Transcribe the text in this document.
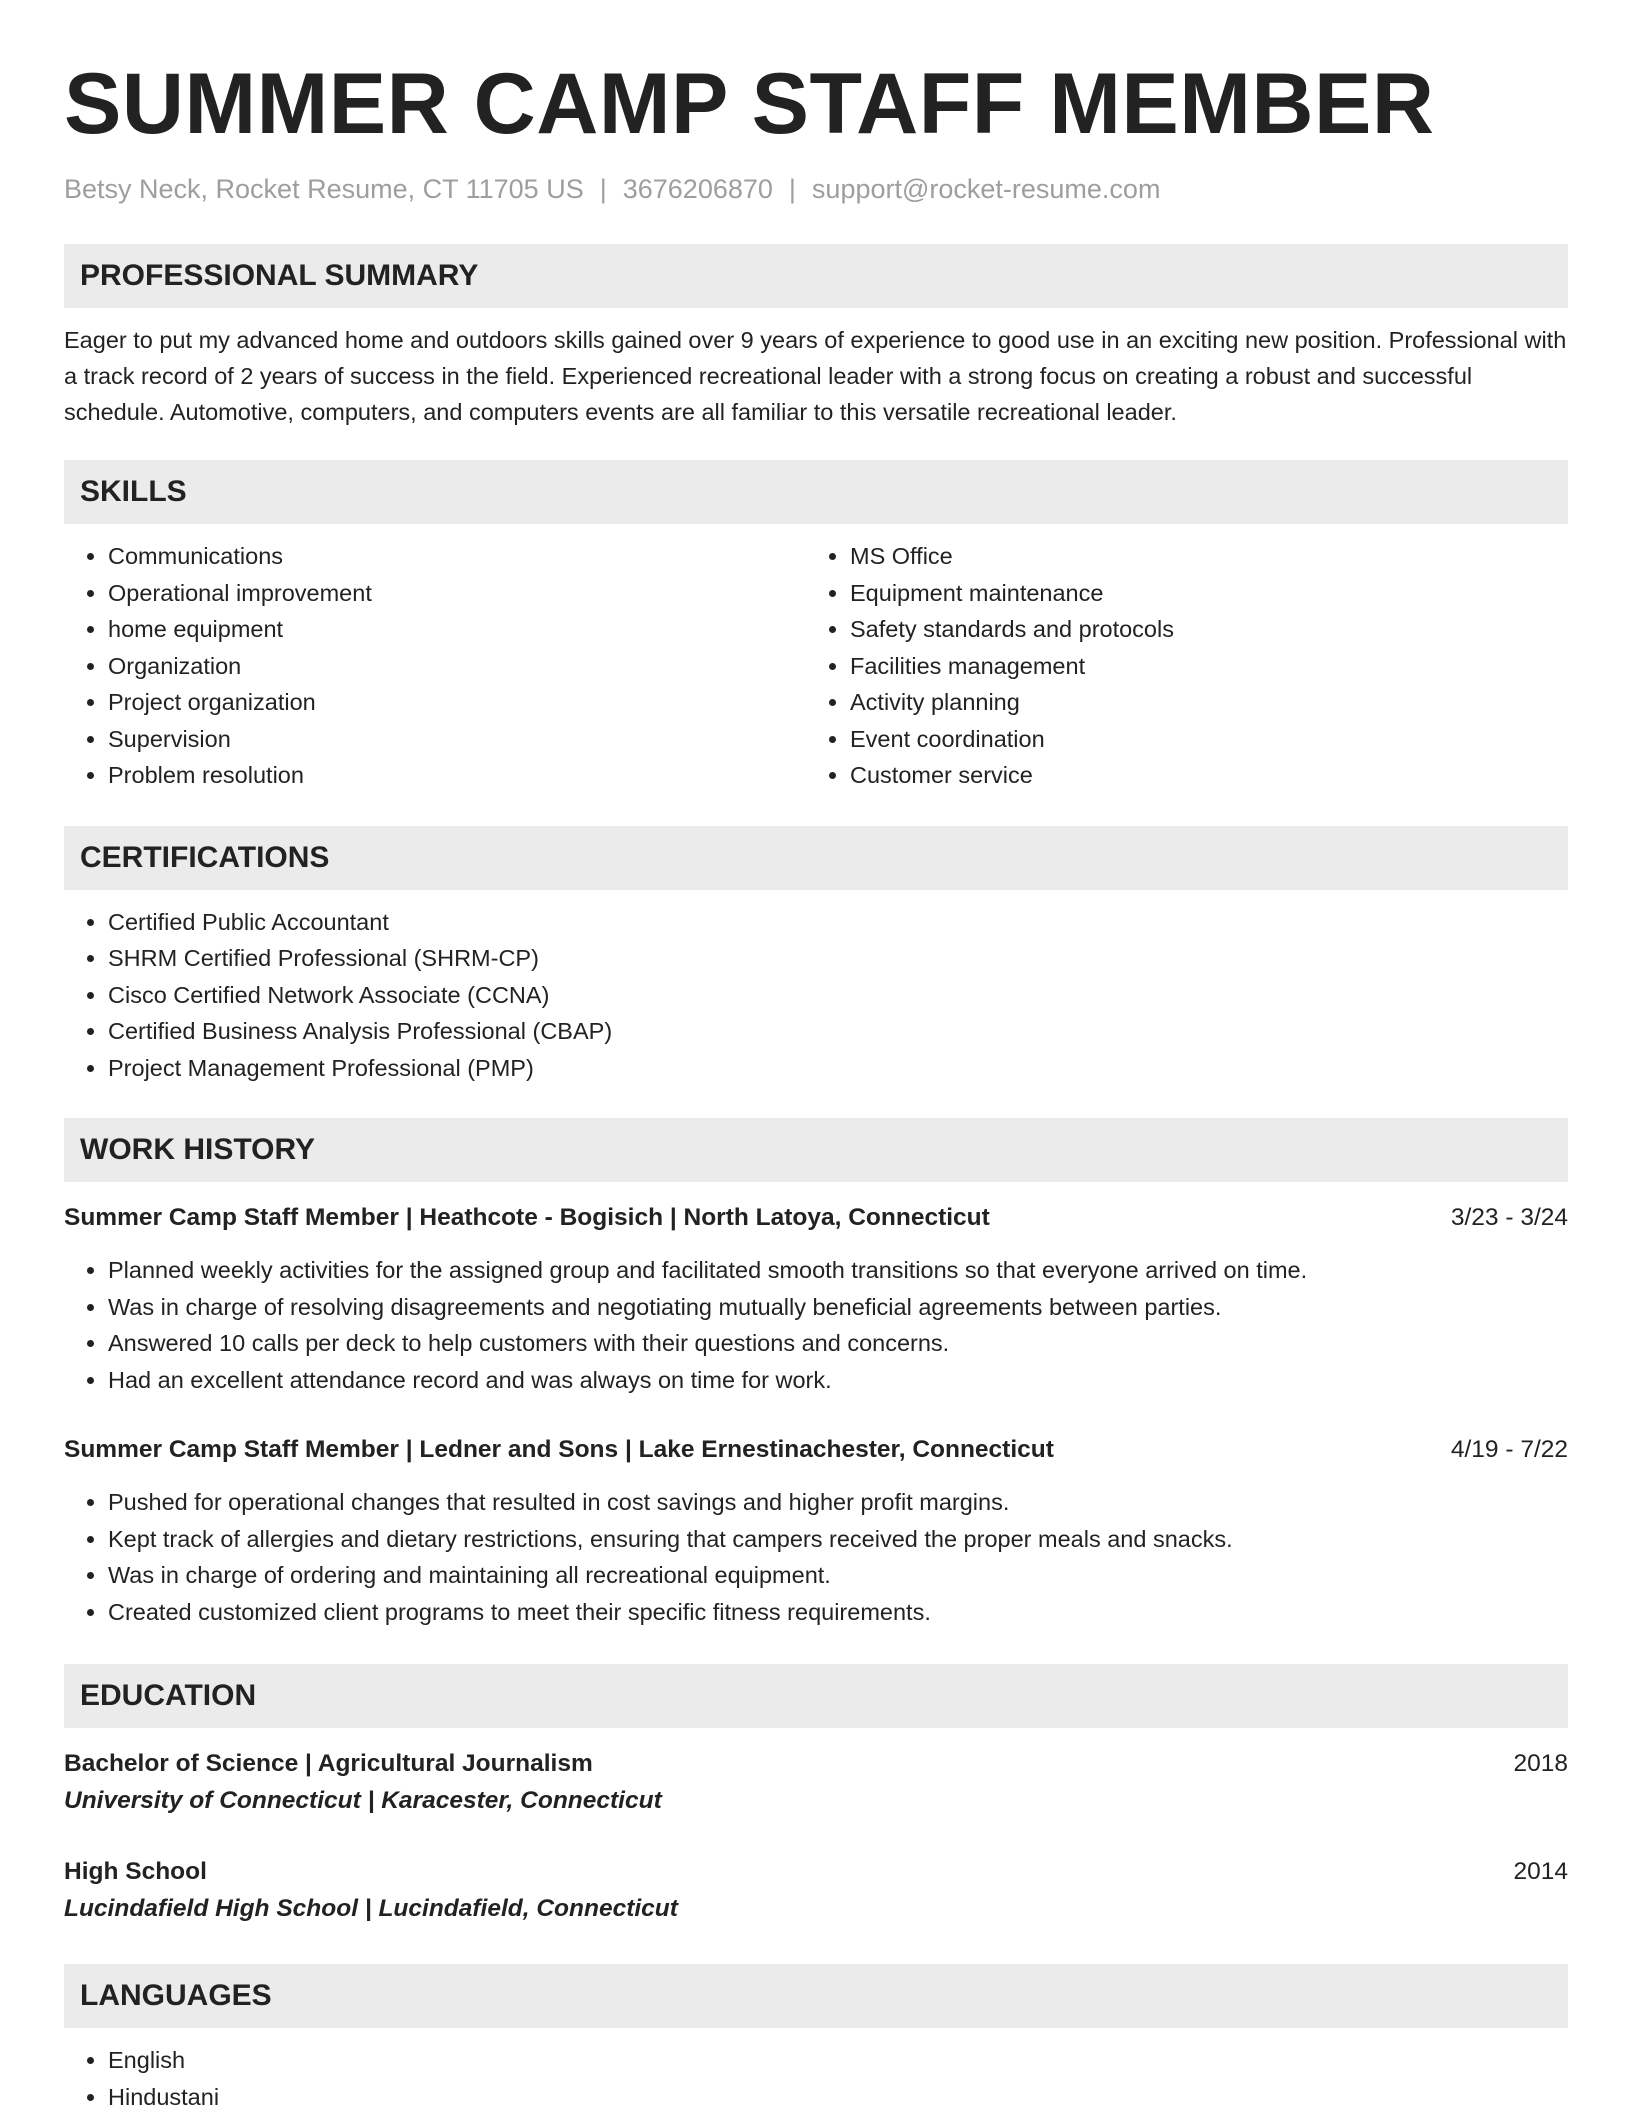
SUMMER CAMP STAFF MEMBER
Betsy Neck, Rocket Resume, CT 11705 US | 3676206870 | support@rocket-resume.com
PROFESSIONAL SUMMARY
Eager to put my advanced home and outdoors skills gained over 9 years of experience to good use in an exciting new position. Professional with a track record of 2 years of success in the field. Experienced recreational leader with a strong focus on creating a robust and successful schedule. Automotive, computers, and computers events are all familiar to this versatile recreational leader.
SKILLS
• Communications
• Operational improvement
• home equipment
• Organization
• Project organization
• Supervision
• Problem resolution
• MS Office
• Equipment maintenance
• Safety standards and protocols
• Facilities management
• Activity planning
• Event coordination
• Customer service
CERTIFICATIONS
• Certified Public Accountant
• SHRM Certified Professional (SHRM-CP)
• Cisco Certified Network Associate (CCNA)
• Certified Business Analysis Professional (CBAP)
• Project Management Professional (PMP)
WORK HISTORY
Summer Camp Staff Member | Heathcote - Bogisich | North Latoya, Connecticut	3/23 - 3/24
• Planned weekly activities for the assigned group and facilitated smooth transitions so that everyone arrived on time.
• Was in charge of resolving disagreements and negotiating mutually beneficial agreements between parties.
• Answered 10 calls per deck to help customers with their questions and concerns.
• Had an excellent attendance record and was always on time for work.
Summer Camp Staff Member | Ledner and Sons | Lake Ernestinachester, Connecticut	4/19 - 7/22
• Pushed for operational changes that resulted in cost savings and higher profit margins.
• Kept track of allergies and dietary restrictions, ensuring that campers received the proper meals and snacks.
• Was in charge of ordering and maintaining all recreational equipment.
• Created customized client programs to meet their specific fitness requirements.
EDUCATION
Bachelor of Science | Agricultural Journalism	2018
University of Connecticut | Karacester, Connecticut
High School	2014
Lucindafield High School | Lucindafield, Connecticut
LANGUAGES
• English
• Hindustani
